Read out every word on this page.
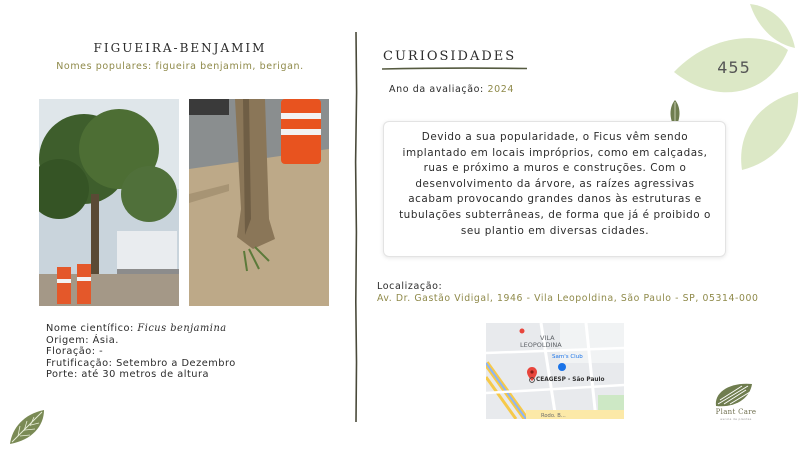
455
FIGUEIRA-BENJAMIM
Nomes populares: figueira benjamim, berigan.
Nome científico: Ficus benjamina
Origem: Ásia.
Floração: -
Frutificação: Setembro a Dezembro
Porte: até 30 metros de altura
CURIOSIDADES
Ano da avaliação: 2024
Devido a sua popularidade, o Ficus vêm sendo implantado em locais impróprios, como em calçadas, ruas e próximo a muros e construções. Com o desenvolvimento da árvore, as raízes agressivas acabam provocando grandes danos às estruturas e tubulações subterrâneas, de forma que já é proibido o seu plantio em diversas cidades.
Localização:
Av. Dr. Gastão Vidigal, 1946 - Vila Leopoldina, São Paulo - SP, 05314-000
VILA
LEOPOLDINA
Sam's Club
CEAGESP - São Paulo
Rodo. B...	Plant Care
escola de plantas
